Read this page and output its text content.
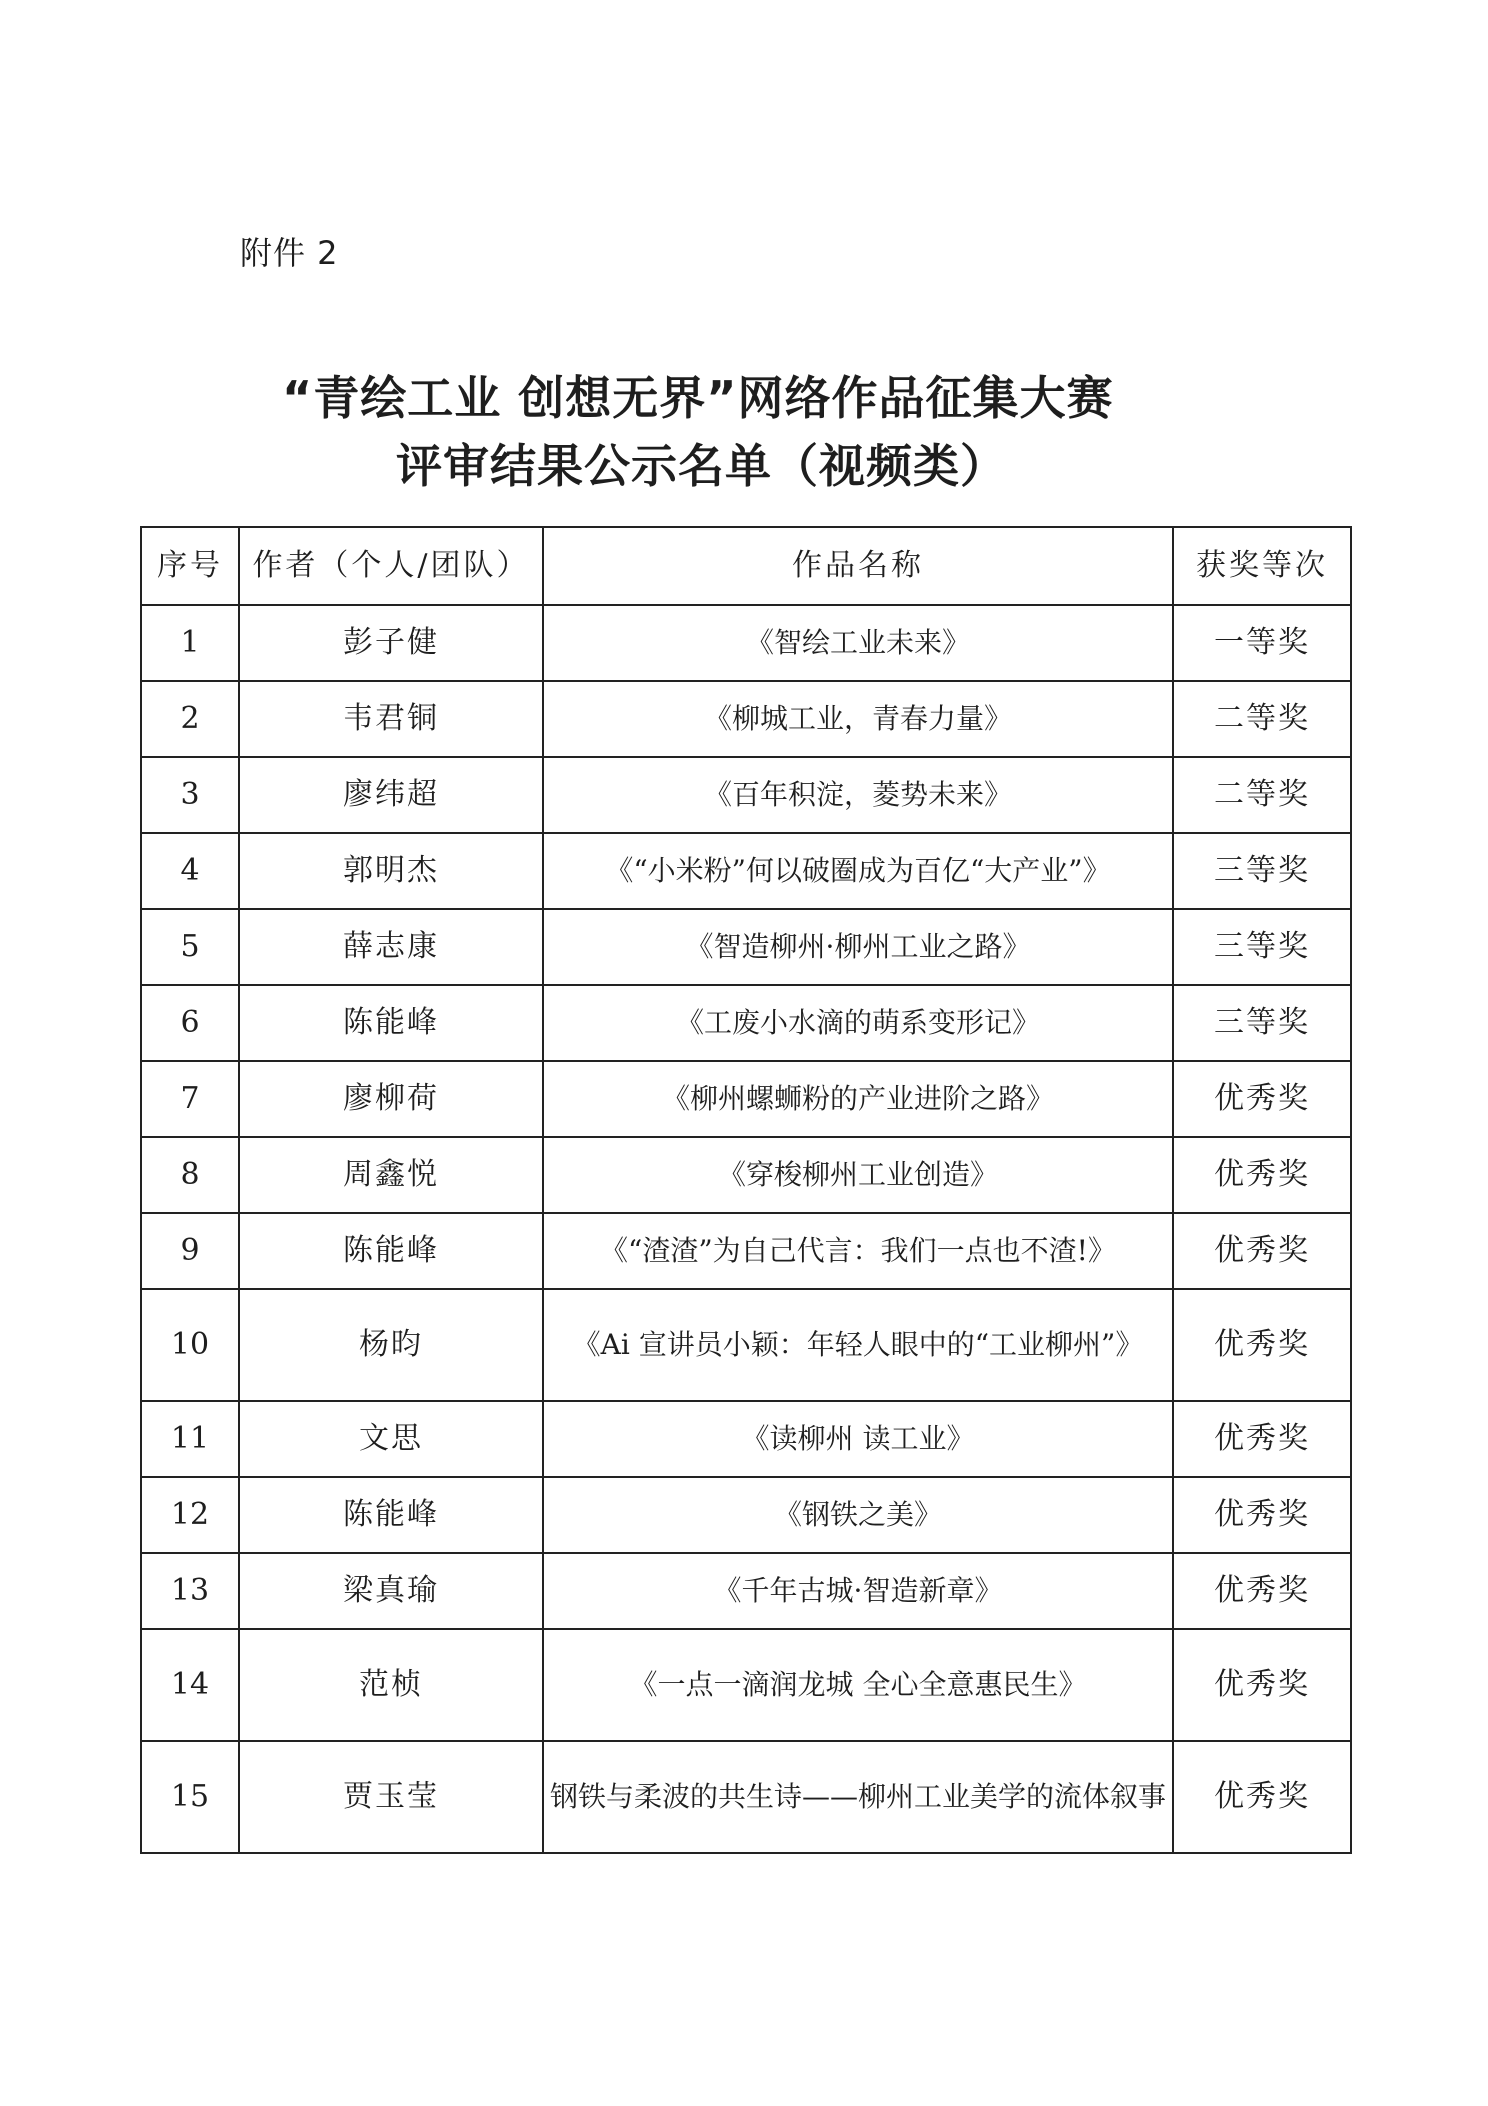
附件 2
“青绘工业 创想无界”网络作品征集大赛
评审结果公示名单（视频类）
序号	作者（个人/团队）	作品名称	获奖等次
1	彭子健	《智绘工业未来》	一等奖
2	韦君铜	《柳城工业，青春力量》	二等奖
3	廖纬超	《百年积淀，菱势未来》	二等奖
4	郭明杰	《“小米粉”何以破圈成为百亿“大产业”》	三等奖
5	薛志康	《智造柳州·柳州工业之路》	三等奖
6	陈能峰	《工废小水滴的萌系变形记》	三等奖
7	廖柳荷	《柳州螺蛳粉的产业进阶之路》	优秀奖
8	周鑫悦	《穿梭柳州工业创造》	优秀奖
9	陈能峰	《“渣渣”为自己代言：我们一点也不渣!》	优秀奖
10	杨昀	《Ai 宣讲员小颖：年轻人眼中的“工业柳州”》	优秀奖
11	文思	《读柳州 读工业》	优秀奖
12	陈能峰	《钢铁之美》	优秀奖
13	梁真瑜	《千年古城·智造新章》	优秀奖
14	范桢	《一点一滴润龙城 全心全意惠民生》	优秀奖
15	贾玉莹	钢铁与柔波的共生诗——柳州工业美学的流体叙事	优秀奖
